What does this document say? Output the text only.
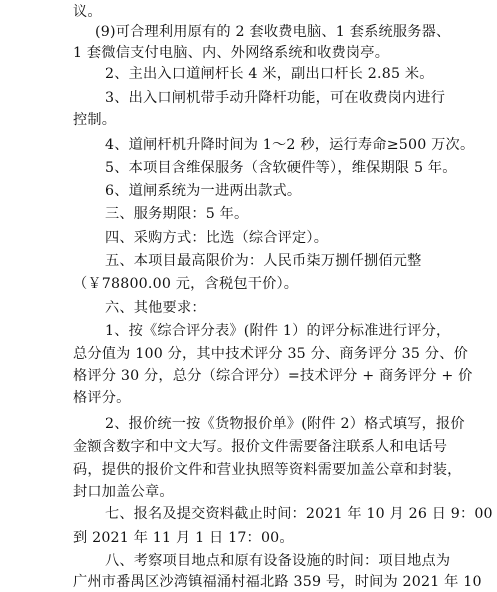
议。
(9)可合理利用原有的 2 套收费电脑、1 套系统服务器、
1 套微信支付电脑、内、外网络系统和收费岗亭。
2、主出入口道闸杆长 4 米，副出口杆长 2.85 米。
3、出入口闸机带手动升降杆功能，可在收费岗内进行
控制。
4、道闸杆机升降时间为 1～2 秒，运行寿命≥500 万次。
5、本项目含维保服务（含软硬件等），维保期限 5 年。
6、道闸系统为一进两出款式。
三、服务期限：5 年。
四、采购方式：比选（综合评定）。
五、本项目最高限价为：人民币柒万捌仟捌佰元整
（￥78800.00 元，含税包干价）。
六、其他要求：
1、按《综合评分表》(附件 1）的评分标准进行评分，
总分值为 100 分，其中技术评分 35 分、商务评分 35 分、价
格评分 30 分，总分（综合评分）=技术评分 + 商务评分 + 价
格评分。
2、报价统一按《货物报价单》(附件 2）格式填写，报价
金额含数字和中文大写。报价文件需要备注联系人和电话号
码，提供的报价文件和营业执照等资料需要加盖公章和封装，
封口加盖公章。
七、报名及提交资料截止时间：2021 年 10 月 26 日 9：00
到 2021 年 11 月 1 日 17：00。
八、考察项目地点和原有设备设施的时间：项目地点为
广州市番禺区沙湾镇福涌村福北路 359 号，时间为 2021 年 10
